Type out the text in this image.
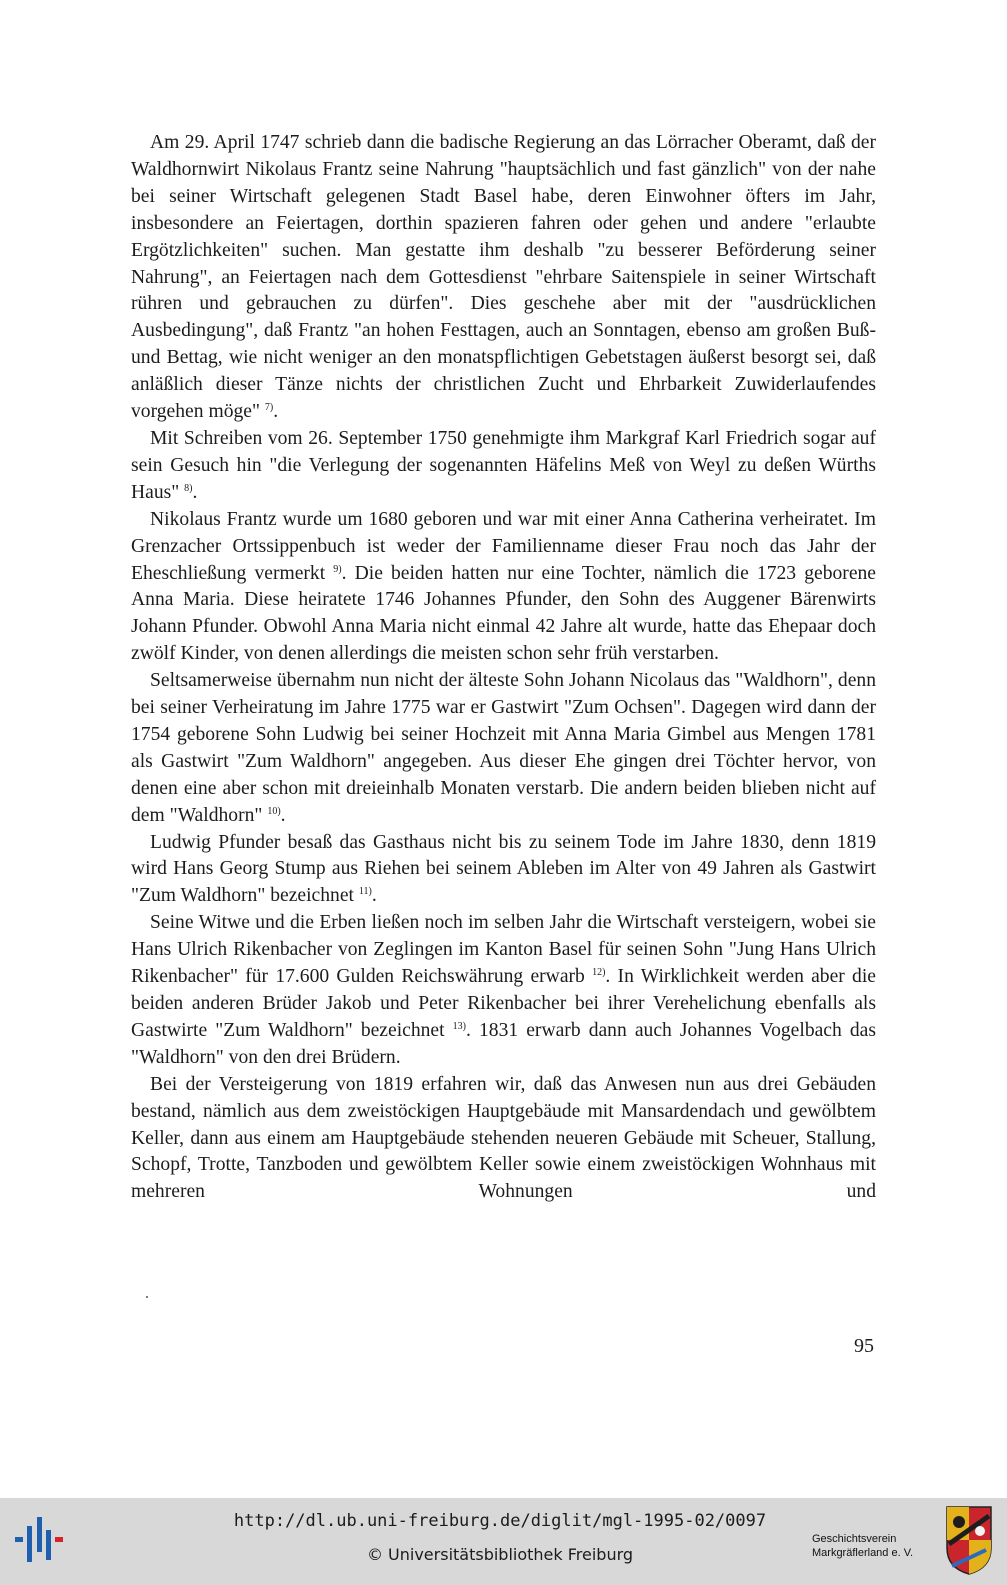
Am 29. April 1747 schrieb dann die badische Regierung an das Lörracher Oberamt, daß der Waldhornwirt Nikolaus Frantz seine Nahrung "hauptsächlich und fast gänzlich" von der nahe bei seiner Wirtschaft gelegenen Stadt Basel habe, deren Einwohner öfters im Jahr, insbesondere an Feiertagen, dorthin spazieren fahren oder gehen und andere "erlaubte Ergötzlichkeiten" suchen. Man gestatte ihm deshalb "zu besserer Beförderung seiner Nahrung", an Feiertagen nach dem Gottesdienst "ehrbare Saitenspiele in seiner Wirtschaft rühren und gebrauchen zu dürfen". Dies geschehe aber mit der "ausdrücklichen Ausbedingung", daß Frantz "an hohen Festtagen, auch an Sonntagen, ebenso am großen Buß- und Bettag, wie nicht weniger an den monatspflichtigen Gebetstagen äußerst besorgt sei, daß anläßlich dieser Tänze nichts der christlichen Zucht und Ehrbarkeit Zuwiderlaufendes vorgehen möge" $^{7)}$.

Mit Schreiben vom 26. September 1750 genehmigte ihm Markgraf Karl Friedrich sogar auf sein Gesuch hin "die Verlegung der sogenannten Häfelins Meß von Weyl zu deßen Würths Haus" $^{8)}$.

Nikolaus Frantz wurde um 1680 geboren und war mit einer Anna Catherina verheiratet. Im Grenzacher Ortssippenbuch ist weder der Familienname dieser Frau noch das Jahr der Eheschließung vermerkt $^{9)}$. Die beiden hatten nur eine Tochter, nämlich die 1723 geborene Anna Maria. Diese heiratete 1746 Johannes Pfunder, den Sohn des Auggener Bärenwirts Johann Pfunder. Obwohl Anna Maria nicht einmal 42 Jahre alt wurde, hatte das Ehepaar doch zwölf Kinder, von denen allerdings die meisten schon sehr früh verstarben.

Seltsamerweise übernahm nun nicht der älteste Sohn Johann Nicolaus das "Waldhorn", denn bei seiner Verheiratung im Jahre 1775 war er Gastwirt "Zum Ochsen". Dagegen wird dann der 1754 geborene Sohn Ludwig bei seiner Hochzeit mit Anna Maria Gimbel aus Mengen 1781 als Gastwirt "Zum Waldhorn" angegeben. Aus dieser Ehe gingen drei Töchter hervor, von denen eine aber schon mit dreieinhalb Monaten verstarb. Die andern beiden blieben nicht auf dem "Waldhorn" $^{10)}$.

Ludwig Pfunder besaß das Gasthaus nicht bis zu seinem Tode im Jahre 1830, denn 1819 wird Hans Georg Stump aus Riehen bei seinem Ableben im Alter von 49 Jahren als Gastwirt "Zum Waldhorn" bezeichnet $^{11)}$.

Seine Witwe und die Erben ließen noch im selben Jahr die Wirtschaft versteigern, wobei sie Hans Ulrich Rikenbacher von Zeglingen im Kanton Basel für seinen Sohn "Jung Hans Ulrich Rikenbacher" für 17.600 Gulden Reichswährung erwarb $^{12)}$. In Wirklichkeit werden aber die beiden anderen Brüder Jakob und Peter Rikenbacher bei ihrer Verehelichung ebenfalls als Gastwirte "Zum Waldhorn" bezeichnet $^{13)}$. 1831 erwarb dann auch Johannes Vogelbach das "Waldhorn" von den drei Brüdern.

Bei der Versteigerung von 1819 erfahren wir, daß das Anwesen nun aus drei Gebäuden bestand, nämlich aus dem zweistöckigen Hauptgebäude mit Mansardendach und gewölbtem Keller, dann aus einem am Hauptgebäude stehenden neueren Gebäude mit Scheuer, Stallung, Schopf, Trotte, Tanzboden und gewölbtem Keller sowie einem zweistöckigen Wohnhaus mit mehreren Wohnungen und

95
http://dl.ub.uni-freiburg.de/diglit/mgl-1995-02/0097
© Universitätsbibliothek Freiburg
Geschichtsverein
Markgräflerland e. V.
